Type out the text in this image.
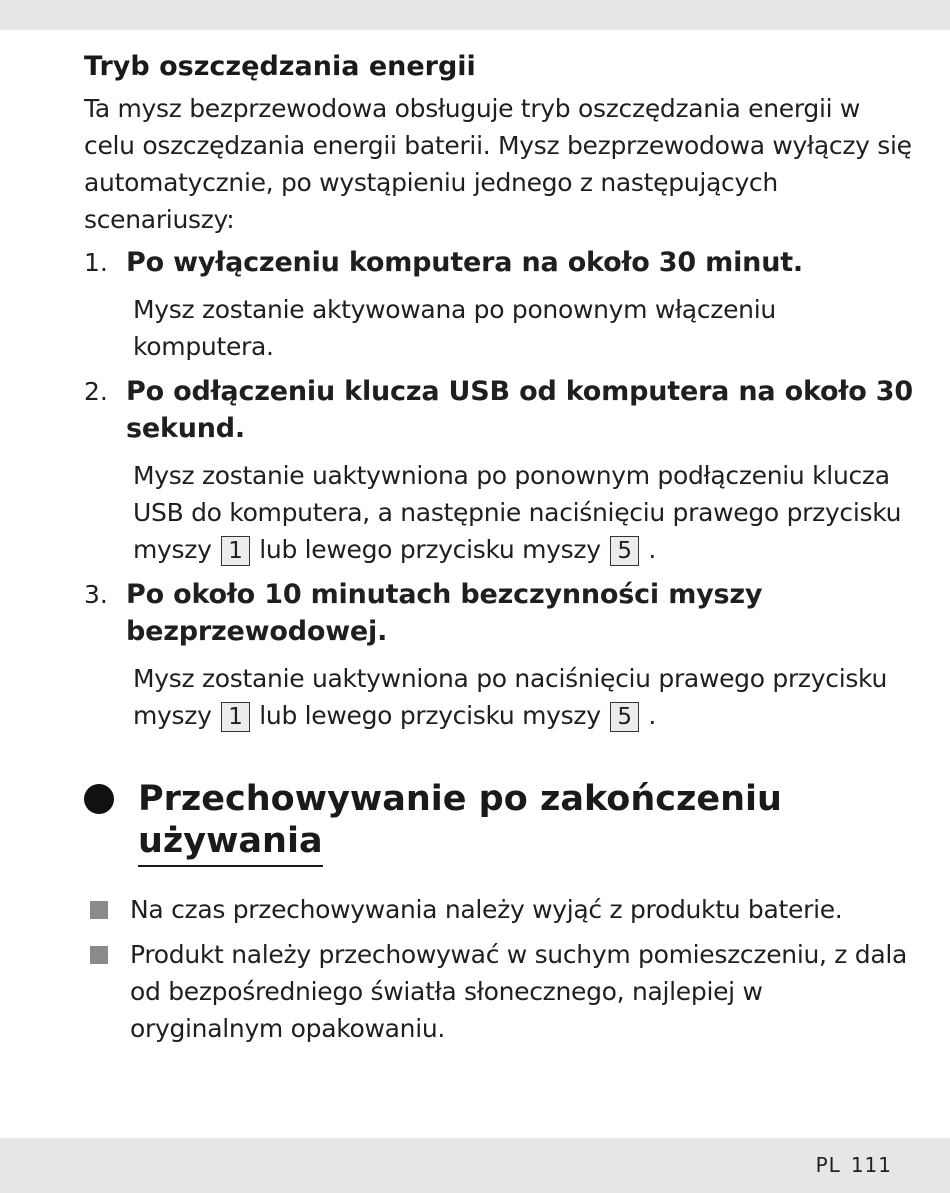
Tryb oszczędzania energii

Ta mysz bezprzewodowa obsługuje tryb oszczędzania energii w celu oszczędzania energii baterii. Mysz bezprzewodowa wyłączy się automatycznie, po wystąpieniu jednego z następujących scenariuszy:

1. Po wyłączeniu komputera na około 30 minut.

Mysz zostanie aktywowana po ponownym włączeniu komputera.

2. Po odłączeniu klucza USB od komputera na około 30 sekund.

Mysz zostanie uaktywniona po ponownym podłączeniu klucza USB do komputera, a następnie naciśnięciu prawego przycisku myszy 1 lub lewego przycisku myszy 5 .

3. Po około 10 minutach bezczynności myszy bezprzewodowej.

Mysz zostanie uaktywniona po naciśnięciu prawego przycisku myszy 1 lub lewego przycisku myszy 5 .

Przechowywanie po zakończeniu
używania
Na czas przechowywania należy wyjąć z produktu baterie.
Produkt należy przechowywać w suchym pomieszczeniu, z dala od bezpośredniego światła słonecznego, najlepiej w oryginalnym opakowaniu.
PL 111
